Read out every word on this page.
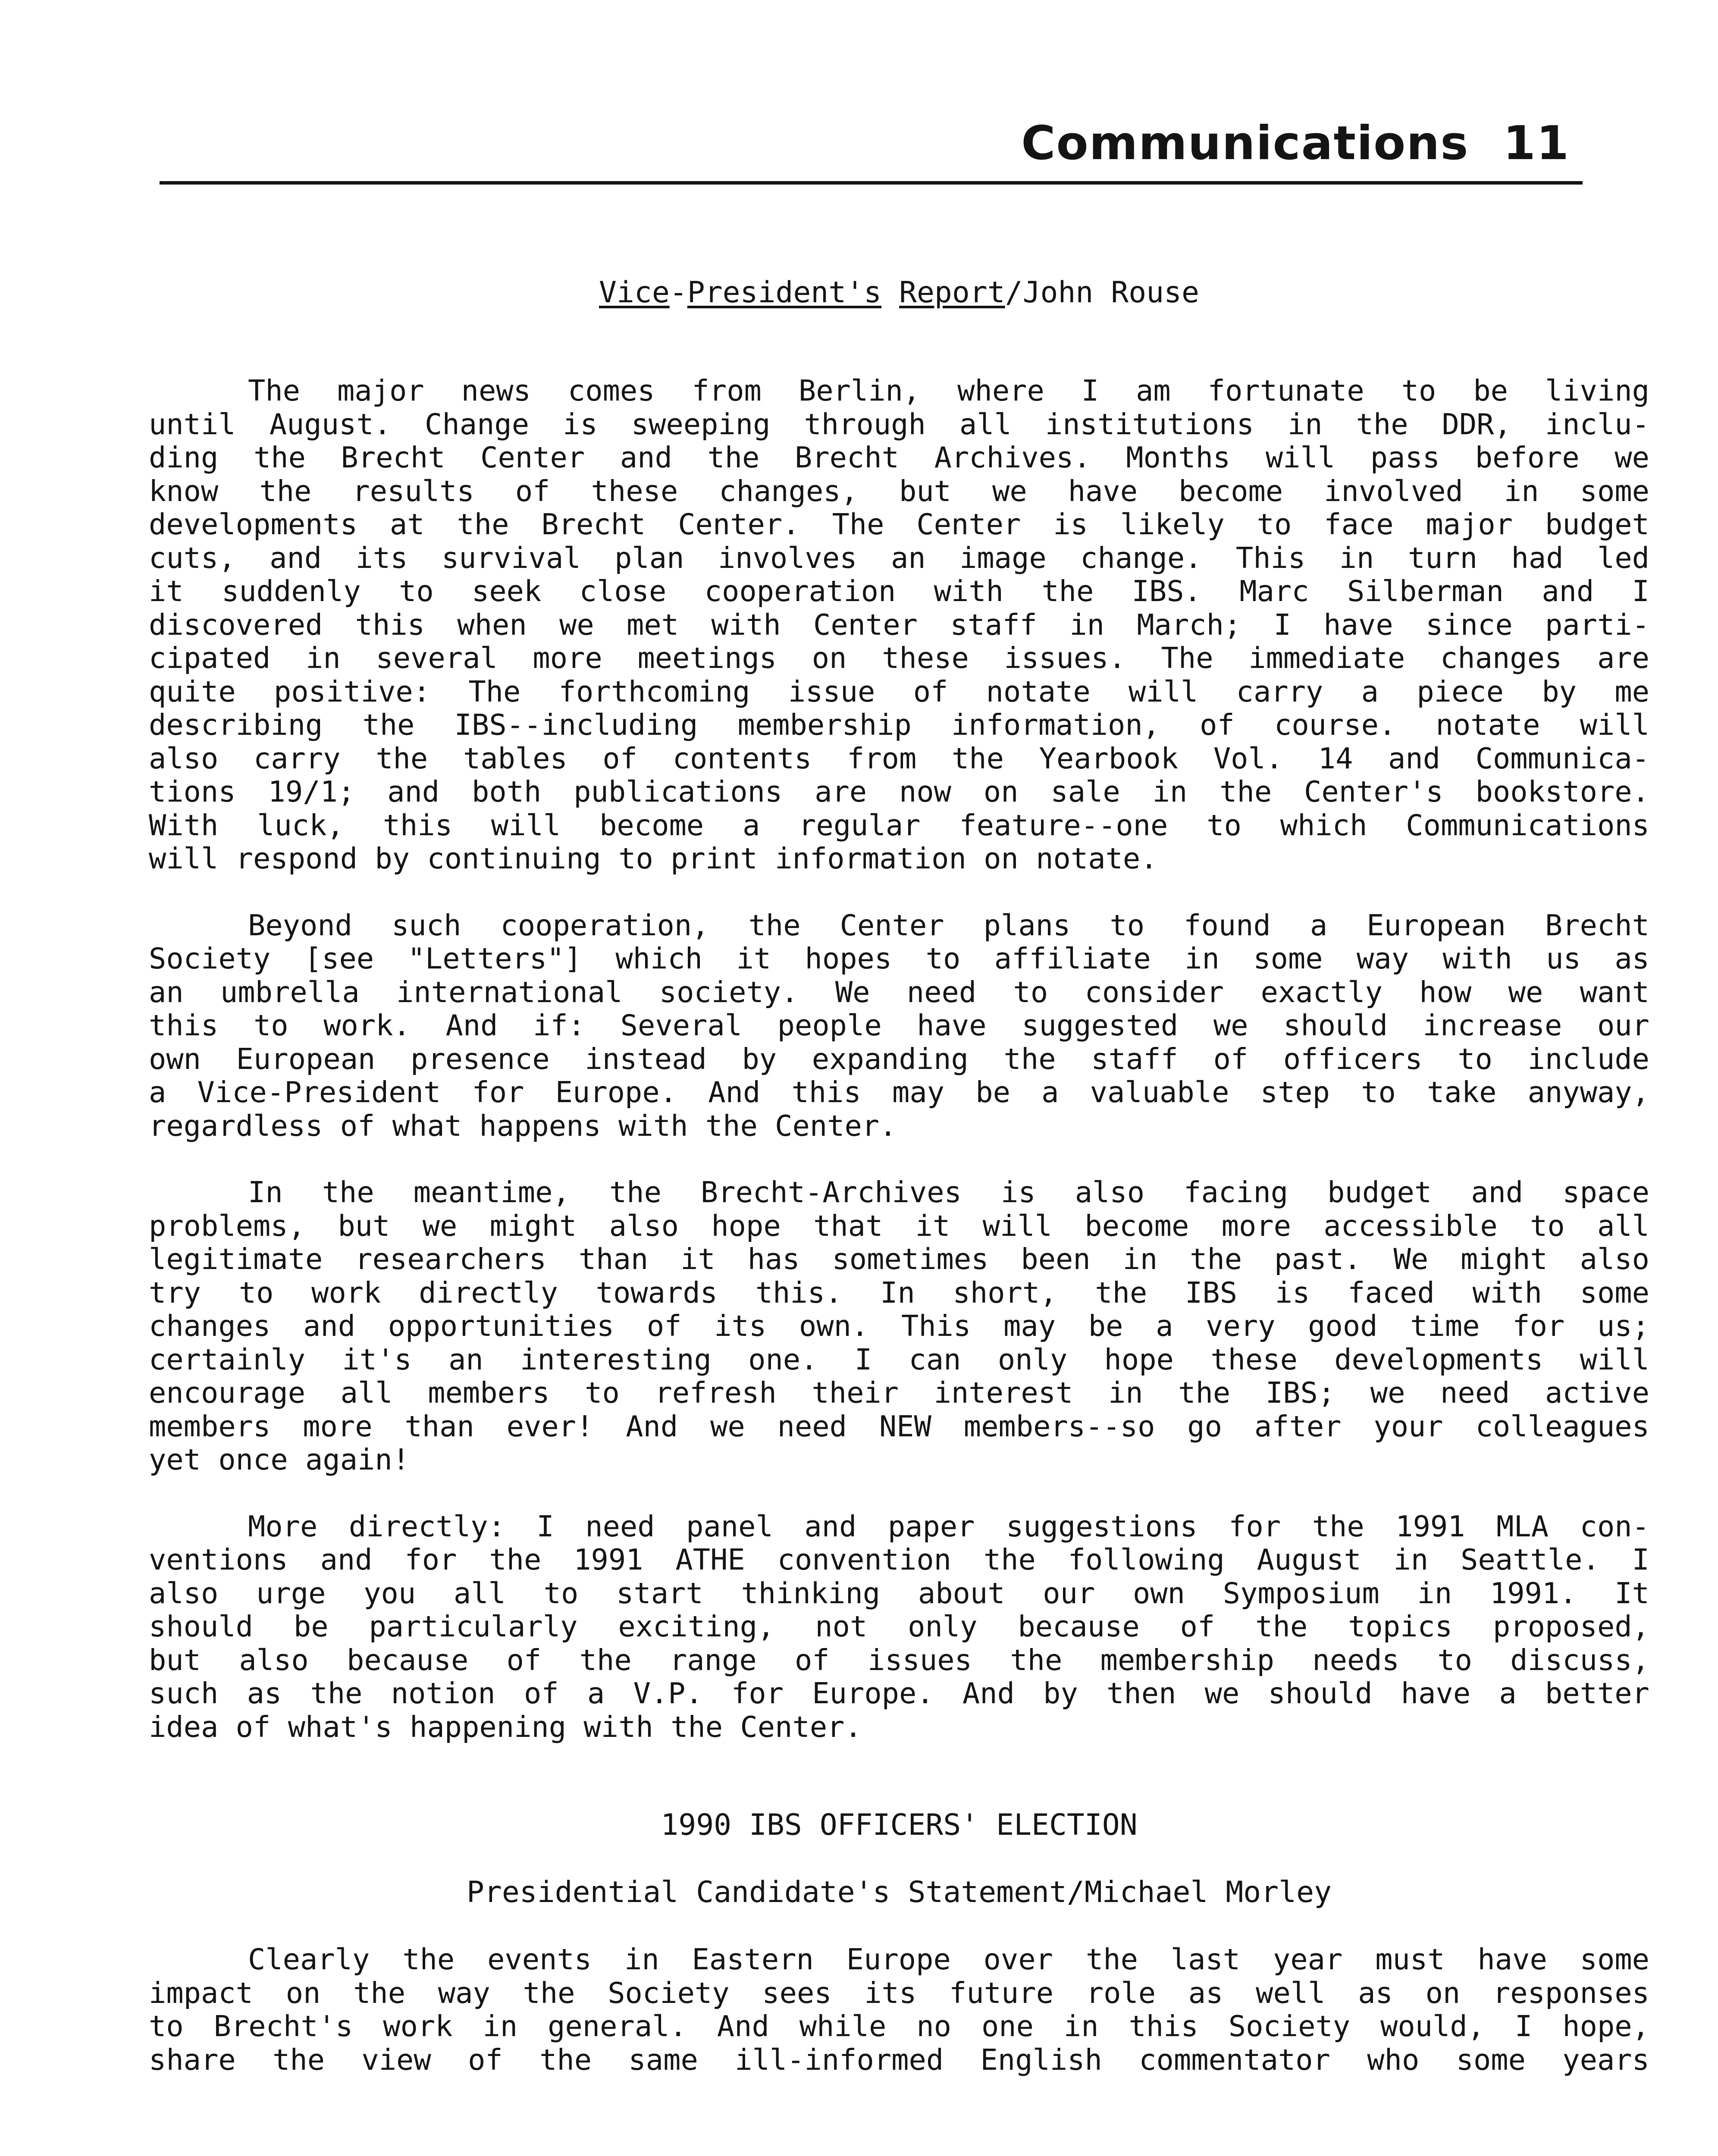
Communications 11
Vice-President's Report/John Rouse
The major news comes from Berlin, where I am fortunate to be living
until August. Change is sweeping through all institutions in the DDR, inclu-
ding the Brecht Center and the Brecht Archives. Months will pass before we
know the results of these changes, but we have become involved in some
developments at the Brecht Center. The Center is likely to face major budget
cuts, and its survival plan involves an image change. This in turn had led
it suddenly to seek close cooperation with the IBS. Marc Silberman and I
discovered this when we met with Center staff in March; I have since parti-
cipated in several more meetings on these issues. The immediate changes are
quite positive: The forthcoming issue of notate will carry a piece by me
describing the IBS--including membership information, of course. notate will
also carry the tables of contents from the Yearbook Vol. 14 and Communica-
tions 19/1; and both publications are now on sale in the Center's bookstore.
With luck, this will become a regular feature--one to which Communications
will respond by continuing to print information on notate.
Beyond such cooperation, the Center plans to found a European Brecht
Society [see "Letters"] which it hopes to affiliate in some way with us as
an umbrella international society. We need to consider exactly how we want
this to work. And if: Several people have suggested we should increase our
own European presence instead by expanding the staff of officers to include
a Vice-President for Europe. And this may be a valuable step to take anyway,
regardless of what happens with the Center.
In the meantime, the Brecht-Archives is also facing budget and space
problems, but we might also hope that it will become more accessible to all
legitimate researchers than it has sometimes been in the past. We might also
try to work directly towards this. In short, the IBS is faced with some
changes and opportunities of its own. This may be a very good time for us;
certainly it's an interesting one. I can only hope these developments will
encourage all members to refresh their interest in the IBS; we need active
members more than ever! And we need NEW members--so go after your colleagues
yet once again!
More directly: I need panel and paper suggestions for the 1991 MLA con-
ventions and for the 1991 ATHE convention the following August in Seattle. I
also urge you all to start thinking about our own Symposium in 1991. It
should be particularly exciting, not only because of the topics proposed,
but also because of the range of issues the membership needs to discuss,
such as the notion of a V.P. for Europe. And by then we should have a better
idea of what's happening with the Center.
1990 IBS OFFICERS' ELECTION
Presidential Candidate's Statement/Michael Morley
Clearly the events in Eastern Europe over the last year must have some
impact on the way the Society sees its future role as well as on responses
to Brecht's work in general. And while no one in this Society would, I hope,
share the view of the same ill-informed English commentator who some years
